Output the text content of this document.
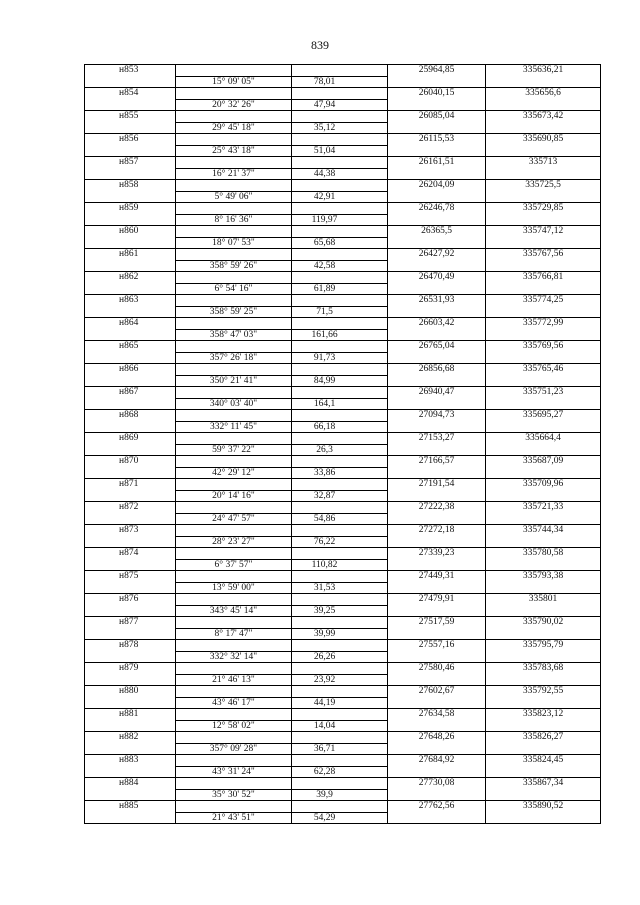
839
н853			25964,85	335636,21
	15° 09' 05"	78,01		
н854			26040,15	335656,6
	20° 32' 26"	47,94		
н855			26085,04	335673,42
	29° 45' 18"	35,12		
н856			26115,53	335690,85
	25° 43' 18"	51,04		
н857			26161,51	335713
	16° 21' 37"	44,38		
н858			26204,09	335725,5
	5° 49' 06"	42,91		
н859			26246,78	335729,85
	8° 16' 36"	119,97		
н860			26365,5	335747,12
	18° 07' 53"	65,68		
н861			26427,92	335767,56
	358° 59' 26"	42,58		
н862			26470,49	335766,81
	6° 54' 16"	61,89		
н863			26531,93	335774,25
	358° 59' 25"	71,5		
н864			26603,42	335772,99
	358° 47' 03"	161,66		
н865			26765,04	335769,56
	357° 26' 18"	91,73		
н866			26856,68	335765,46
	350° 21' 41"	84,99		
н867			26940,47	335751,23
	340° 03' 40"	164,1		
н868			27094,73	335695,27
	332° 11' 45"	66,18		
н869			27153,27	335664,4
	59° 37' 22"	26,3		
н870			27166,57	335687,09
	42° 29' 12"	33,86		
н871			27191,54	335709,96
	20° 14' 16"	32,87		
н872			27222,38	335721,33
	24° 47' 57"	54,86		
н873			27272,18	335744,34
	28° 23' 27"	76,22		
н874			27339,23	335780,58
	6° 37' 57"	110,82		
н875			27449,31	335793,38
	13° 59' 00"	31,53		
н876			27479,91	335801
	343° 45' 14"	39,25		
н877			27517,59	335790,02
	8° 17' 47"	39,99		
н878			27557,16	335795,79
	332° 32' 14"	26,26		
н879			27580,46	335783,68
	21° 46' 13"	23,92		
н880			27602,67	335792,55
	43° 46' 17"	44,19		
н881			27634,58	335823,12
	12° 58' 02"	14,04		
н882			27648,26	335826,27
	357° 09' 28"	36,71		
н883			27684,92	335824,45
	43° 31' 24"	62,28		
н884			27730,08	335867,34
	35° 30' 52"	39,9		
н885			27762,56	335890,52
	21° 43' 51"	54,29		
